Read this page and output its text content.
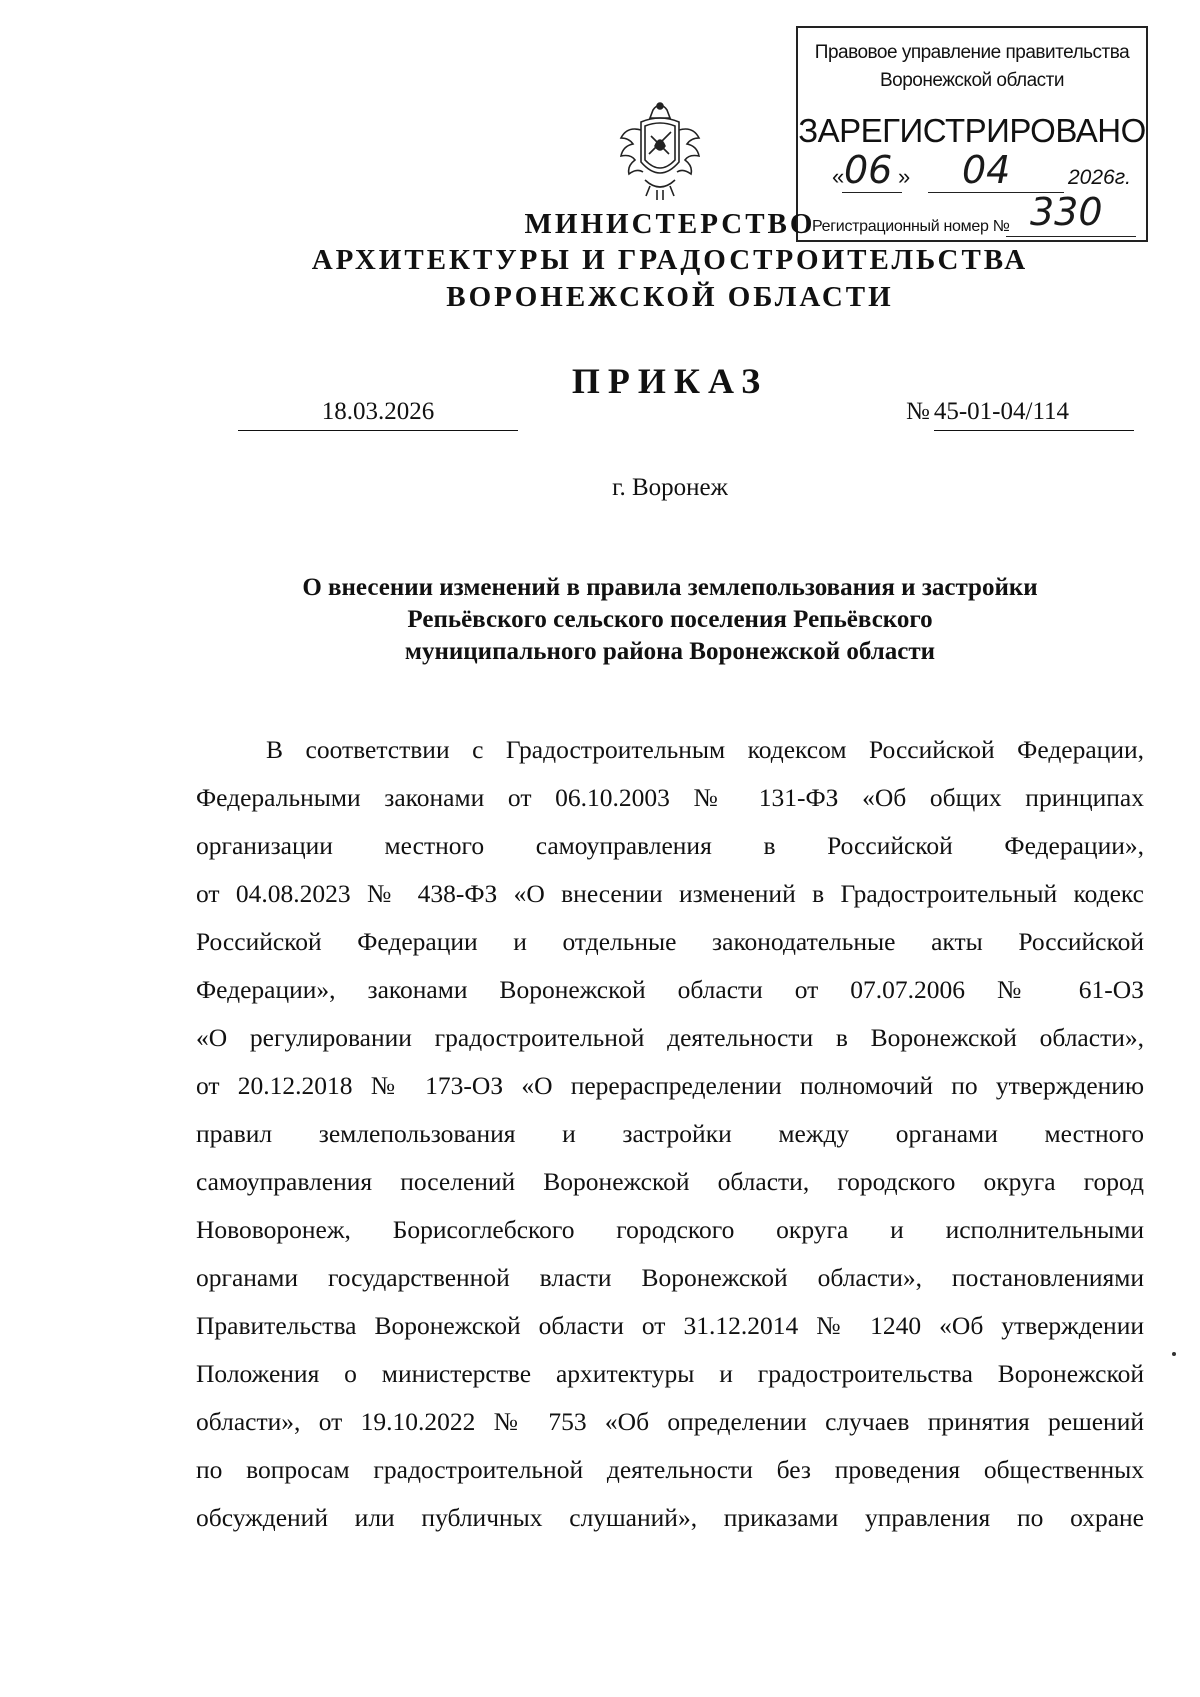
Правовое управление правительства
Воронежской области
ЗАРЕГИСТРИРОВАНО
« 06 » 04	2026г.
Регистрационный номер № 330
МИНИСТЕРСТВО
АРХИТЕКТУРЫ И ГРАДОСТРОИТЕЛЬСТВА
ВОРОНЕЖСКОЙ ОБЛАСТИ
ПРИКАЗ
18.03.2026	№ 45-01-04/114
г. Воронеж
О внесении изменений в правила землепользования и застройки
Репьёвского сельского поселения Репьёвского
муниципального района Воронежской области
В соответствии с Градостроительным кодексом Российской Федерации,
Федеральными законами от 06.10.2003 № 131-ФЗ «Об общих принципах
организации местного самоуправления в Российской Федерации»,
от 04.08.2023 № 438-ФЗ «О внесении изменений в Градостроительный кодекс
Российской Федерации и отдельные законодательные акты Российской
Федерации», законами Воронежской области от 07.07.2006 № 61-ОЗ
«О регулировании градостроительной деятельности в Воронежской области»,
от 20.12.2018 № 173-ОЗ «О перераспределении полномочий по утверждению
правил землепользования и застройки между органами местного
самоуправления поселений Воронежской области, городского округа город
Нововоронеж, Борисоглебского городского округа и исполнительными
органами государственной власти Воронежской области», постановлениями
Правительства Воронежской области от 31.12.2014 № 1240 «Об утверждении
Положения о министерстве архитектуры и градостроительства Воронежской
области», от 19.10.2022 № 753 «Об определении случаев принятия решений
по вопросам градостроительной деятельности без проведения общественных
обсуждений или публичных слушаний», приказами управления по охране
